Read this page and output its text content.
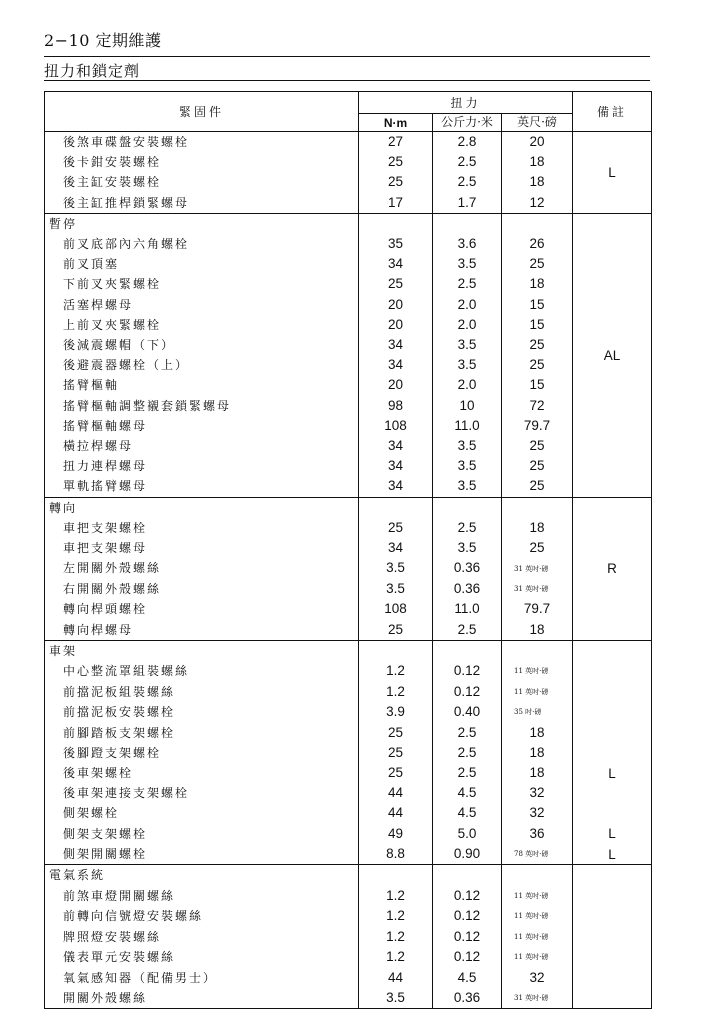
2−10 定期維護
扭力和鎖定劑
緊固件	扭力			備註
	N·m	公斤力·米	英尺·磅	
後煞車碟盤安裝螺栓	27	2.8	20	L
後卡鉗安裝螺栓	25	2.5	18	
後主缸安裝螺栓	25	2.5	18	
後主缸推桿鎖緊螺母	17	1.7	12	
暫停				AL
前叉底部內六角螺栓	35	3.6	26	
前叉頂塞	34	3.5	25	
下前叉夾緊螺栓	25	2.5	18	
活塞桿螺母	20	2.0	15	
上前叉夾緊螺栓	20	2.0	15	
後減震螺帽（下）	34	3.5	25	
後避震器螺栓（上）	34	3.5	25	
搖臂樞軸	20	2.0	15	
搖臂樞軸調整襯套鎖緊螺母	98	10	72	
搖臂樞軸螺母	108	11.0	79.7	
橫拉桿螺母	34	3.5	25	
扭力連桿螺母	34	3.5	25	
單軌搖臂螺母	34	3.5	25	
轉向				R
車把支架螺栓	25	2.5	18	
車把支架螺母	34	3.5	25	
左開關外殼螺絲	3.5	0.36	31 英吋·磅	
右開關外殼螺絲	3.5	0.36	31 英吋·磅	
轉向桿頭螺栓	108	11.0	79.7	
轉向桿螺母	25	2.5	18	
車架				
中心整流罩組裝螺絲	1.2	0.12	11 英吋·磅	
前擋泥板組裝螺絲	1.2	0.12	11 英吋·磅	
前擋泥板安裝螺栓	3.9	0.40	35 吋·磅	
前腳踏板支架螺栓	25	2.5	18	
後腳蹬支架螺栓	25	2.5	18	
後車架螺栓	25	2.5	18	L
後車架連接支架螺栓	44	4.5	32	
側架螺栓	44	4.5	32	
側架支架螺栓	49	5.0	36	L
側架開關螺栓	8.8	0.90	78 英吋·磅	L
電氣系統				
前煞車燈開關螺絲	1.2	0.12	11 英吋·磅	
前轉向信號燈安裝螺絲	1.2	0.12	11 英吋·磅	
牌照燈安裝螺絲	1.2	0.12	11 英吋·磅	
儀表單元安裝螺絲	1.2	0.12	11 英吋·磅	
氧氣感知器（配備男士）	44	4.5	32	
開關外殼螺絲	3.5	0.36	31 英吋·磅	
